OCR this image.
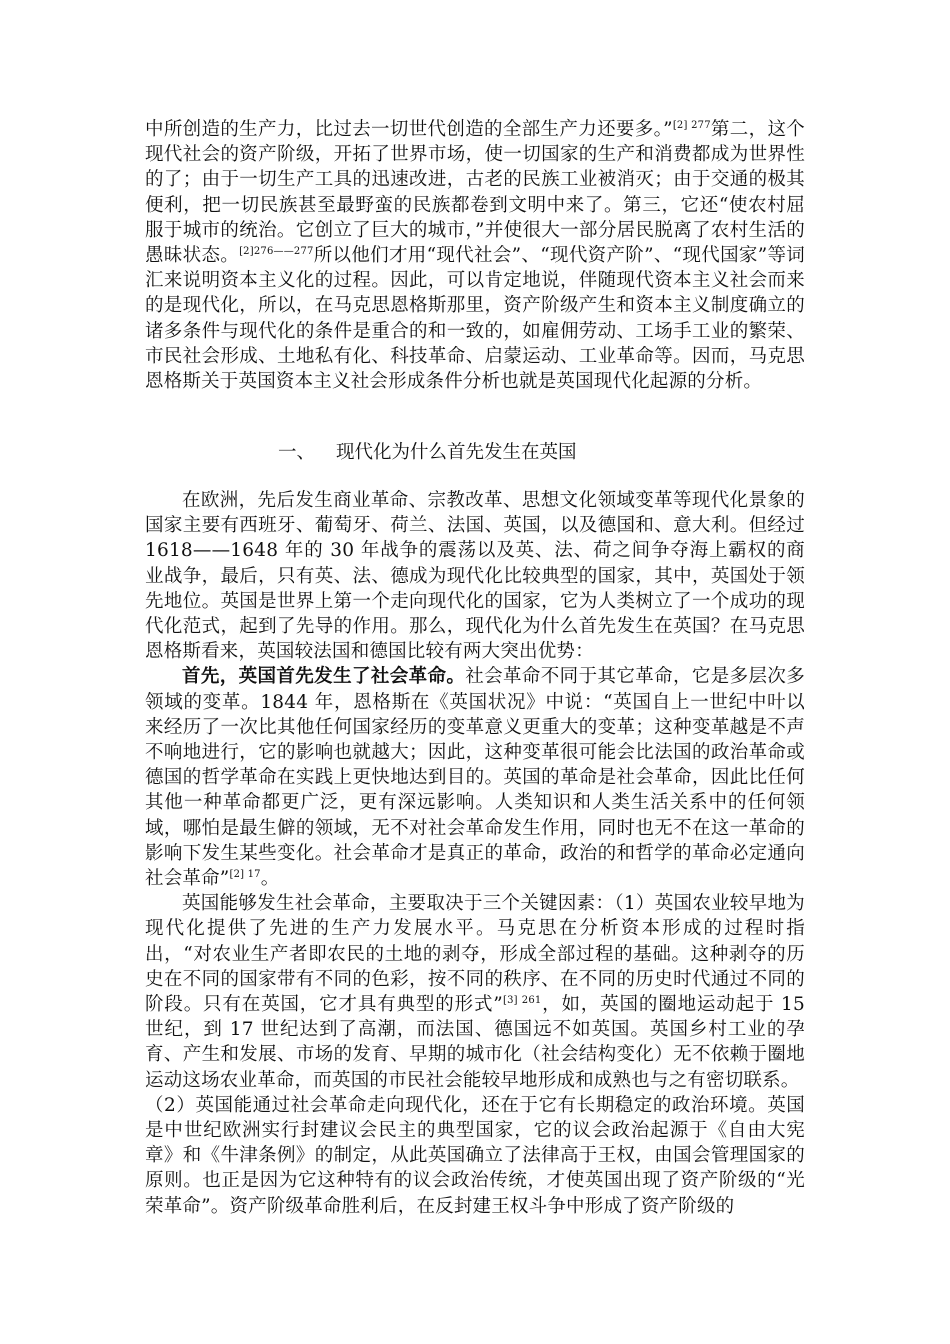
中所创造的生产力，比过去一切世代创造的全部生产力还要多。”$^{[2] 277}$第二，这个现代社会的资产阶级，开拓了世界市场，使一切国家的生产和消费都成为世界性的了；由于一切生产工具的迅速改进，古老的民族工业被消灭；由于交通的极其便利，把一切民族甚至最野蛮的民族都卷到文明中来了。第三，它还“使农村屈服于城市的统治。它创立了巨大的城市，”并使很大一部分居民脱离了农村生活的愚昧状态。$^{[2]276——277}$所以他们才用“现代社会”、“现代资产阶”、“现代国家”等词汇来说明资本主义化的过程。因此，可以肯定地说，伴随现代资本主义社会而来的是现代化，所以，在马克思恩格斯那里，资产阶级产生和资本主义制度确立的诸多条件与现代化的条件是重合的和一致的，如雇佣劳动、工场手工业的繁荣、市民社会形成、土地私有化、科技革命、启蒙运动、工业革命等。因而，马克思恩格斯关于英国资本主义社会形成条件分析也就是英国现代化起源的分析。

一、 现代化为什么首先发生在英国

在欧洲，先后发生商业革命、宗教改革、思想文化领域变革等现代化景象的国家主要有西班牙、葡萄牙、荷兰、法国、英国，以及德国和、意大利。但经过 1618——1648 年的 30 年战争的震荡以及英、法、荷之间争夺海上霸权的商业战争，最后，只有英、法、德成为现代化比较典型的国家，其中，英国处于领先地位。英国是世界上第一个走向现代化的国家，它为人类树立了一个成功的现代化范式，起到了先导的作用。那么，现代化为什么首先发生在英国？在马克思恩格斯看来，英国较法国和德国比较有两大突出优势：

首先，英国首先发生了社会革命。社会革命不同于其它革命，它是多层次多领域的变革。1844 年，恩格斯在《英国状况》中说：“英国自上一世纪中叶以来经历了一次比其他任何国家经历的变革意义更重大的变革；这种变革越是不声不响地进行，它的影响也就越大；因此，这种变革很可能会比法国的政治革命或德国的哲学革命在实践上更快地达到目的。英国的革命是社会革命，因此比任何其他一种革命都更广泛，更有深远影响。人类知识和人类生活关系中的任何领域，哪怕是最生僻的领域，无不对社会革命发生作用，同时也无不在这一革命的影响下发生某些变化。社会革命才是真正的革命，政治的和哲学的革命必定通向社会革命”$^{[2] 17}$。

英国能够发生社会革命，主要取决于三个关键因素：（1）英国农业较早地为现代化提供了先进的生产力发展水平。马克思在分析资本形成的过程时指出，“对农业生产者即农民的土地的剥夺，形成全部过程的基础。这种剥夺的历史在不同的国家带有不同的色彩，按不同的秩序、在不同的历史时代通过不同的阶段。只有在英国，它才具有典型的形式”$^{[3] 261}$，如，英国的圈地运动起于 15 世纪，到 17 世纪达到了高潮，而法国、德国远不如英国。英国乡村工业的孕育、产生和发展、市场的发育、早期的城市化（社会结构变化）无不依赖于圈地运动这场农业革命，而英国的市民社会能较早地形成和成熟也与之有密切联系。

（2）英国能通过社会革命走向现代化，还在于它有长期稳定的政治环境。英国是中世纪欧洲实行封建议会民主的典型国家，它的议会政治起源于《自由大宪章》和《牛津条例》的制定，从此英国确立了法律高于王权，由国会管理国家的原则。也正是因为它这种特有的议会政治传统，才使英国出现了资产阶级的“光荣革命”。资产阶级革命胜利后，在反封建王权斗争中形成了资产阶级的
